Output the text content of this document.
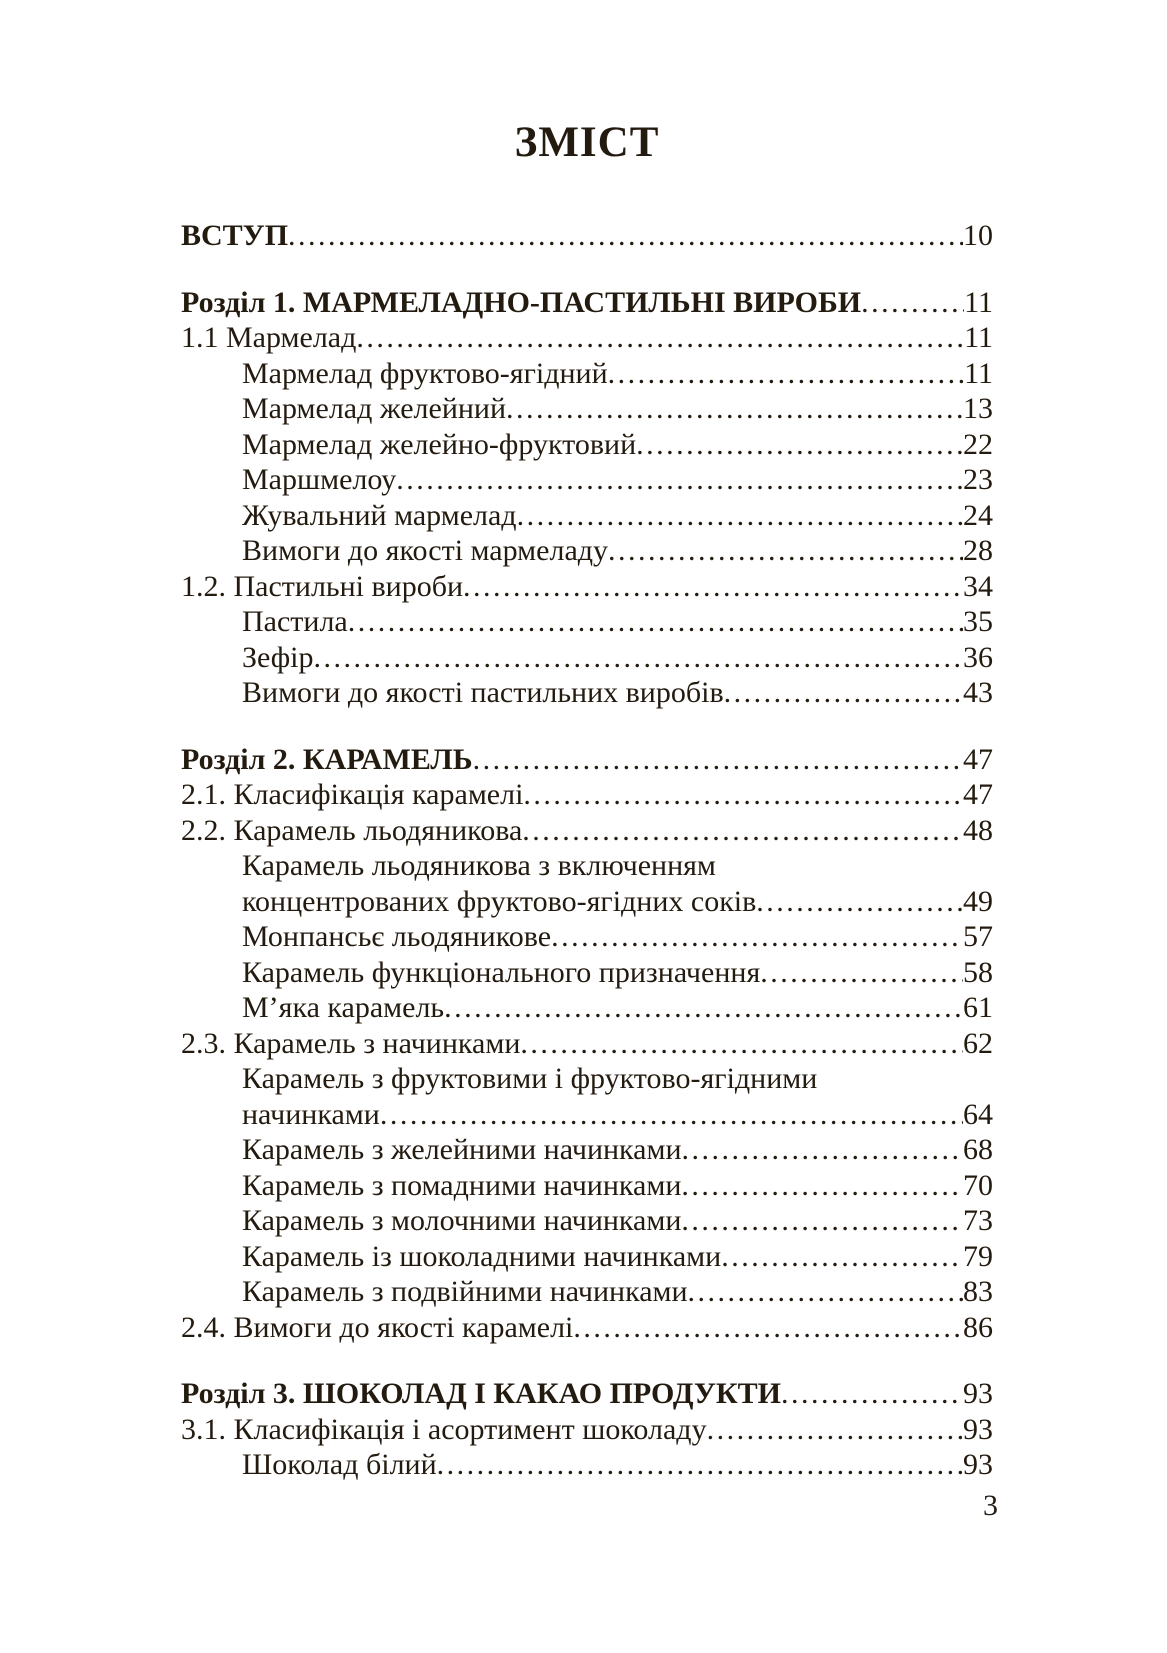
ЗМІСТ
ВСТУП .....	10
Розділ 1. МАРМЕЛАДНО-ПАСТИЛЬНІ ВИРОБИ .....	11
1.1 Мармелад .....	11
Мармелад фруктово-ягідний .....	11
Мармелад желейний .....	13
Мармелад желейно-фруктовий .....	22
Маршмелоу .....	23
Жувальний мармелад .....	24
Вимоги до якості мармеладу .....	28
1.2. Пастильні вироби .....	34
Пастила .....	35
Зефір .....	36
Вимоги до якості пастильних виробів .....	43
Розділ 2. КАРАМЕЛЬ .....	47
2.1. Класифікація карамелі .....	47
2.2. Карамель льодяникова .....	48
Карамель льодяникова з включенням
концентрованих фруктово-ягідних соків .....	49
Монпансьє льодяникове .....	57
Карамель функціонального призначення .....	58
М’яка карамель .....	61
2.3. Карамель з начинками .....	62
Карамель з фруктовими і фруктово-ягідними
начинками .....	64
Карамель з желейними начинками .....	68
Карамель з помадними начинками .....	70
Карамель з молочними начинками .....	73
Карамель із шоколадними начинками .....	79
Карамель з подвійними начинками .....	83
2.4. Вимоги до якості карамелі .....	86
Розділ 3. ШОКОЛАД І КАКАО ПРОДУКТИ .....	93
3.1. Класифікація і асортимент шоколаду .....	93
Шоколад білий .....	93
3
